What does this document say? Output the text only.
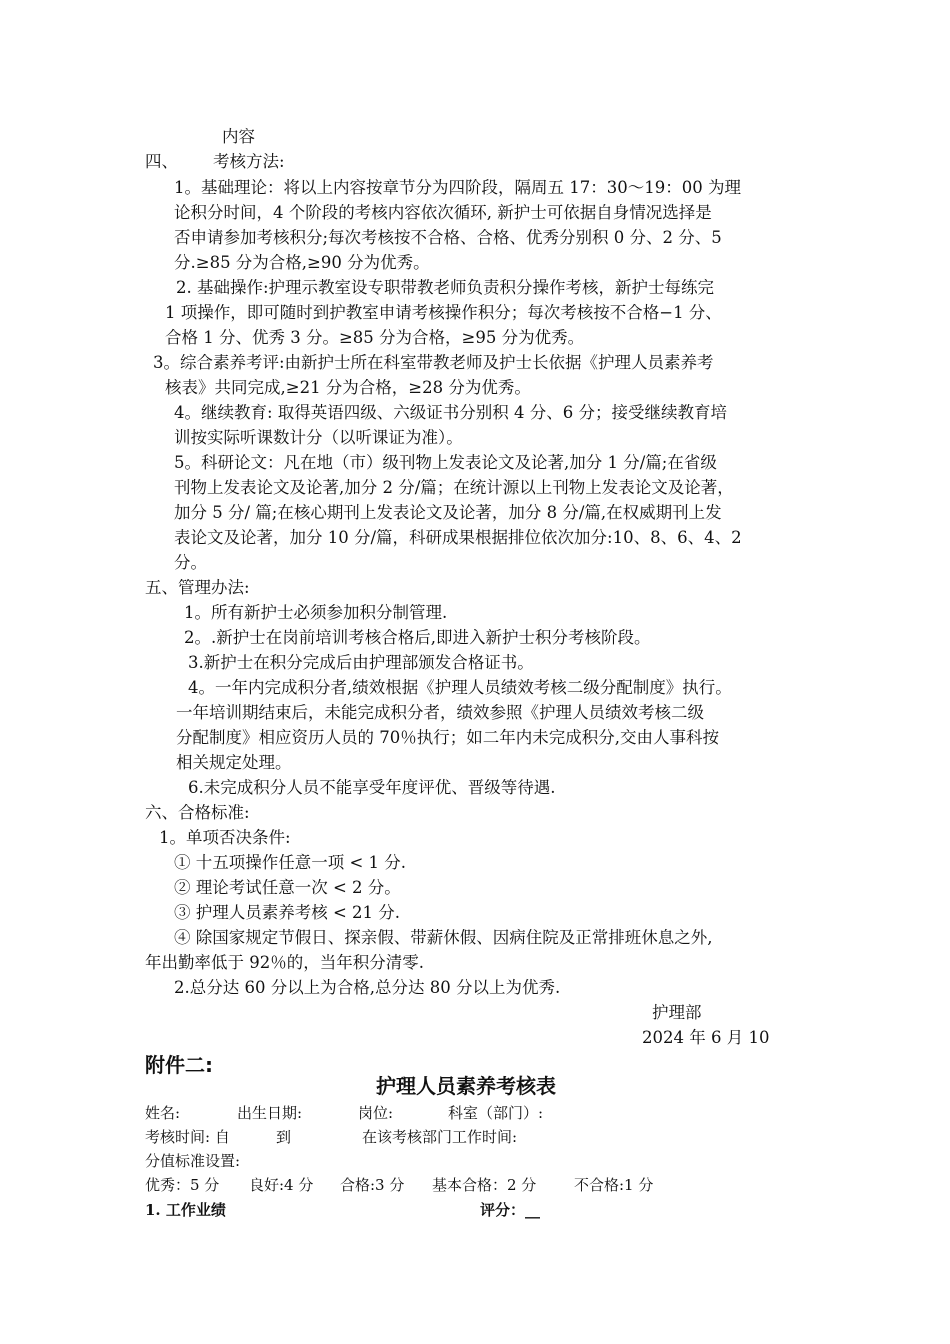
内容
四、 考核方法:
1。基础理论：将以上内容按章节分为四阶段，隔周五 17：30～19：00 为理
论积分时间，4 个阶段的考核内容依次循环, 新护士可依据自身情况选择是
否申请参加考核积分;每次考核按不合格、合格、优秀分别积 0 分、2 分、5
分.≥85 分为合格,≥90 分为优秀。
2. 基础操作:护理示教室设专职带教老师负责积分操作考核，新护士每练完
1 项操作，即可随时到护教室申请考核操作积分；每次考核按不合格−1 分、
合格 1 分、优秀 3 分。≥85 分为合格，≥95 分为优秀。
3。综合素养考评:由新护士所在科室带教老师及护士长依据《护理人员素养考
核表》共同完成,≥21 分为合格，≥28 分为优秀。
4。继续教育: 取得英语四级、六级证书分别积 4 分、6 分；接受继续教育培
训按实际听课数计分（以听课证为准）。
5。科研论文：凡在地（市）级刊物上发表论文及论著,加分 1 分/篇;在省级
刊物上发表论文及论著,加分 2 分/篇；在统计源以上刊物上发表论文及论著，
加分 5 分/ 篇;在核心期刊上发表论文及论著，加分 8 分/篇,在权威期刊上发
表论文及论著，加分 10 分/篇，科研成果根据排位依次加分:10、8、6、4、2
分。
五、管理办法:
1。所有新护士必须参加积分制管理.
2。.新护士在岗前培训考核合格后,即进入新护士积分考核阶段。
3.新护士在积分完成后由护理部颁发合格证书。
4。一年内完成积分者,绩效根据《护理人员绩效考核二级分配制度》执行。
一年培训期结束后，未能完成积分者，绩效参照《护理人员绩效考核二级
分配制度》相应资历人员的 70％执行；如二年内未完成积分,交由人事科按
相关规定处理。
6.未完成积分人员不能享受年度评优、晋级等待遇.
六、合格标准:
1。单项否决条件:
① 十五项操作任意一项 < 1 分.
② 理论考试任意一次 < 2 分。
③ 护理人员素养考核 < 21 分.
④ 除国家规定节假日、探亲假、带薪休假、因病住院及正常排班休息之外,
年出勤率低于 92％的，当年积分清零.
2.总分达 60 分以上为合格,总分达 80 分以上为优秀.
护理部
2024 年 6 月 10
附件二:
护理人员素养考核表
姓名:	出生日期:	岗位:	科室（部门）:
考核时间: 自	到	在该考核部门工作时间:
分值标准设置:
优秀：5 分 良好:4 分 合格:3 分 基本合格：2 分	不合格:1 分
1. 工作业绩	评分：__
